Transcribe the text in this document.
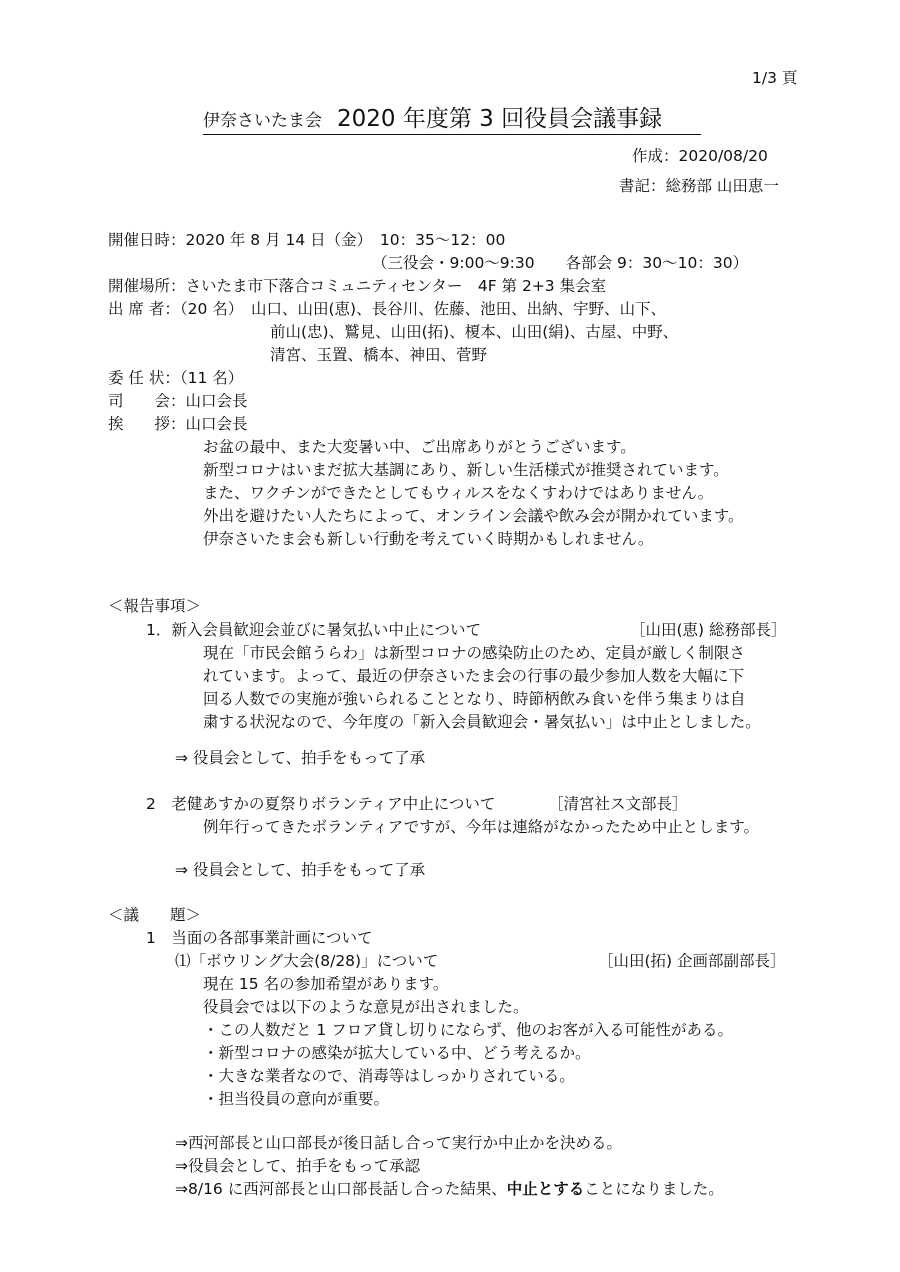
1/3 頁
伊奈さいたま会 2020 年度第 3 回役員会議事録
作成：2020/08/20
書記：総務部 山田恵一
開催日時：2020 年 8 月 14 日（金）　10：35～12：00
（三役会・9:00～9:30　　各部会 9：30～10：30）
開催場所：さいたま市下落合コミュニティセンター　4F 第 2+3 集会室
出 席 者：（20 名）　山口、山田(恵)、長谷川、佐藤、池田、出納、宇野、山下、
前山(忠)、鷲見、山田(拓)、榎本、山田(絹)、古屋、中野、
清宮、玉置、橋本、神田、菅野
委 任 状：（11 名）
司　　会：山口会長
挨　　拶：山口会長
お盆の最中、また大変暑い中、ご出席ありがとうございます。
新型コロナはいまだ拡大基調にあり、新しい生活様式が推奨されています。
また、ワクチンができたとしてもウィルスをなくすわけではありません。
外出を避けたい人たちによって、オンライン会議や飲み会が開かれています。
伊奈さいたま会も新しい行動を考えていく時期かもしれません。
＜報告事項＞
1．新入会員歓迎会並びに暑気払い中止について	［山田(恵) 総務部長］
現在「市民会館うらわ」は新型コロナの感染防止のため、定員が厳しく制限さ
れています。よって、最近の伊奈さいたま会の行事の最少参加人数を大幅に下
回る人数での実施が強いられることとなり、時節柄飲み食いを伴う集まりは自
粛する状況なので、今年度の「新入会員歓迎会・暑気払い」は中止としました。
⇒ 役員会として、拍手をもって了承
2　老健あすかの夏祭りボランティア中止について	［清宮社ス文部長］
例年行ってきたボランティアですが、今年は連絡がなかったため中止とします。
⇒ 役員会として、拍手をもって了承
＜議　　題＞
1　当面の各部事業計画について
⑴「ボウリング大会(8/28)」について	［山田(拓) 企画部副部長］
現在 15 名の参加希望があります。
役員会では以下のような意見が出されました。
・この人数だと 1 フロア貸し切りにならず、他のお客が入る可能性がある。
・新型コロナの感染が拡大している中、どう考えるか。
・大きな業者なので、消毒等はしっかりされている。
・担当役員の意向が重要。
⇒西河部長と山口部長が後日話し合って実行か中止かを決める。
⇒役員会として、拍手をもって承認
⇒8/16 に西河部長と山口部長話し合った結果、中止とすることになりました。
